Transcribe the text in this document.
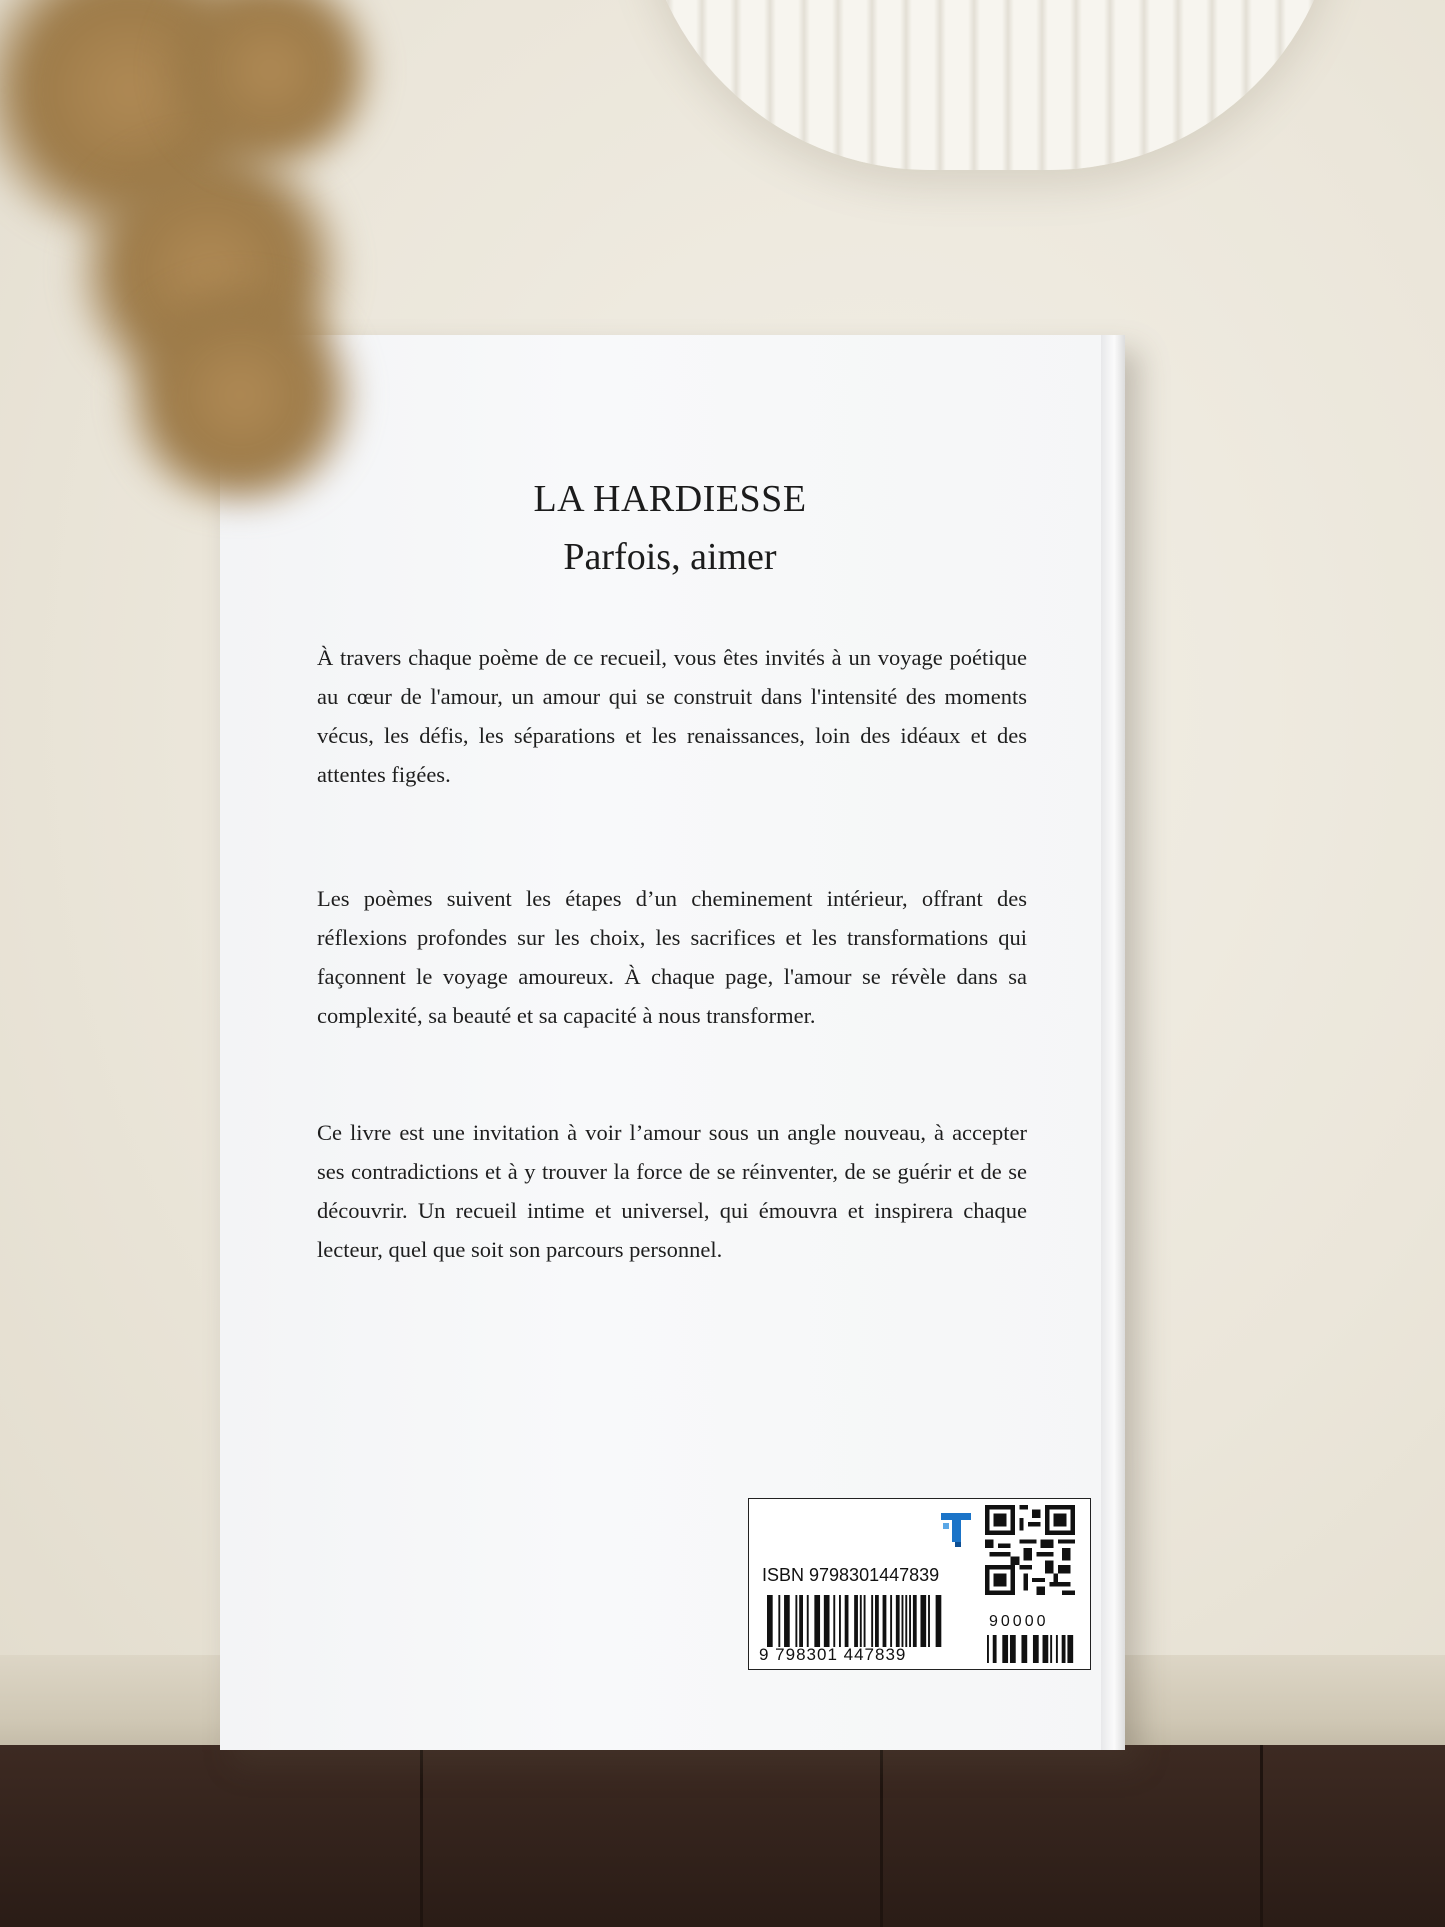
LA HARDIESSE
Parfois, aimer

À travers chaque poème de ce recueil, vous êtes invités à un voyage poétique au cœur de l'amour, un amour qui se construit dans l'intensité des moments vécus, les défis, les séparations et les renaissances, loin des idéaux et des attentes figées.

Les poèmes suivent les étapes d’un cheminement intérieur, offrant des réflexions profondes sur les choix, les sacrifices et les transformations qui façonnent le voyage amoureux. À chaque page, l'amour se révèle dans sa complexité, sa beauté et sa capacité à nous transformer.

Ce livre est une invitation à voir l’amour sous un angle nouveau, à accepter ses contradictions et à y trouver la force de se réinventer, de se guérir et de se découvrir. Un recueil intime et universel, qui émouvra et inspirera chaque lecteur, quel que soit son parcours personnel.

ISBN 9798301447839
9 798301 447839
90000
